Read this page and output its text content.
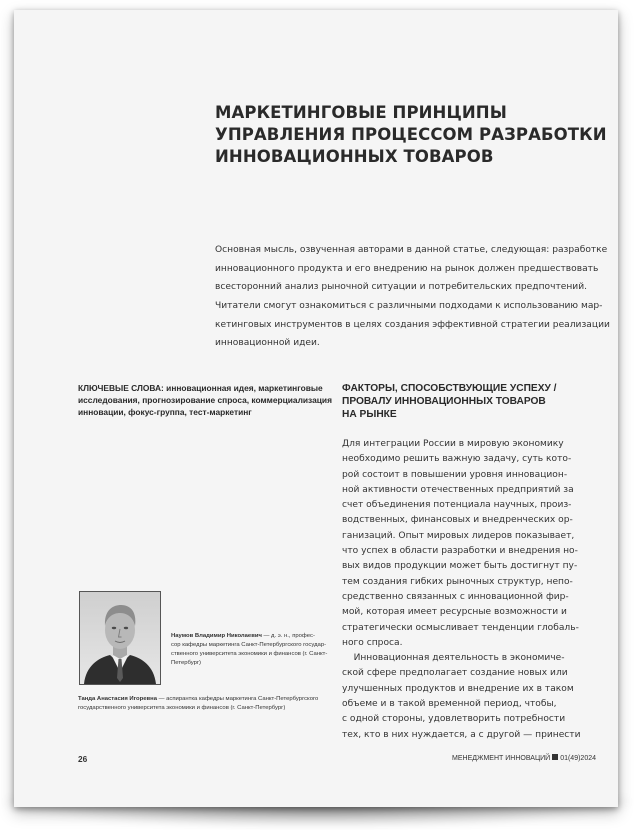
МАРКЕТИНГОВЫЕ ПРИНЦИПЫ
УПРАВЛЕНИЯ ПРОЦЕССОМ РАЗРАБОТКИ
ИННОВАЦИОННЫХ ТОВАРОВ
Основная мысль, озвученная авторами в данной статье, следующая: разработке
инновационного продукта и его внедрению на рынок должен предшествовать
всесторонний анализ рыночной ситуации и потребительских предпочтений.
Читатели смогут ознакомиться с различными подходами к использованию мар-
кетинговых инструментов в целях создания эффективной стратегии реализации
инновационной идеи.
КЛЮЧЕВЫЕ СЛОВА: инновационная идея, маркетинговые
исследования, прогнозирование спроса, коммерциализация
инновации, фокус-группа, тест-маркетинг
ФАКТОРЫ, СПОСОБСТВУЮЩИЕ УСПЕХУ /
ПРОВАЛУ ИННОВАЦИОННЫХ ТОВАРОВ
НА РЫНКЕ
Для интеграции России в мировую экономику
необходимо решить важную задачу, суть кото-
рой состоит в повышении уровня инновацион-
ной активности отечественных предприятий за
счет объединения потенциала научных, произ-
водственных, финансовых и внедренческих ор-
ганизаций. Опыт мировых лидеров показывает,
что успех в области разработки и внедрения но-
вых видов продукции может быть достигнут пу-
тем создания гибких рыночных структур, непо-
средственно связанных с инновационной фир-
мой, которая имеет ресурсные возможности и
стратегически осмысливает тенденции глобаль-
ного спроса.
Инновационная деятельность в экономиче-
ской сфере предполагает создание новых или
улучшенных продуктов и внедрение их в таком
объеме и в такой временной период, чтобы,
с одной стороны, удовлетворить потребности
тех, кто в них нуждается, а с другой — принести
Наумов Владимир Николаевич — д. э. н., профес-
сор кафедры маркетинга Санкт-Петербургского государ-
ственного университета экономики и финансов (г. Санкт-
Петербург)
Танда Анастасия Игоревна — аспирантка кафедры маркетинга Санкт-Петербургского
государственного университета экономики и финансов (г. Санкт-Петербург)
26	МЕНЕДЖМЕНТ ИННОВАЦИЙ 01(49)2024
